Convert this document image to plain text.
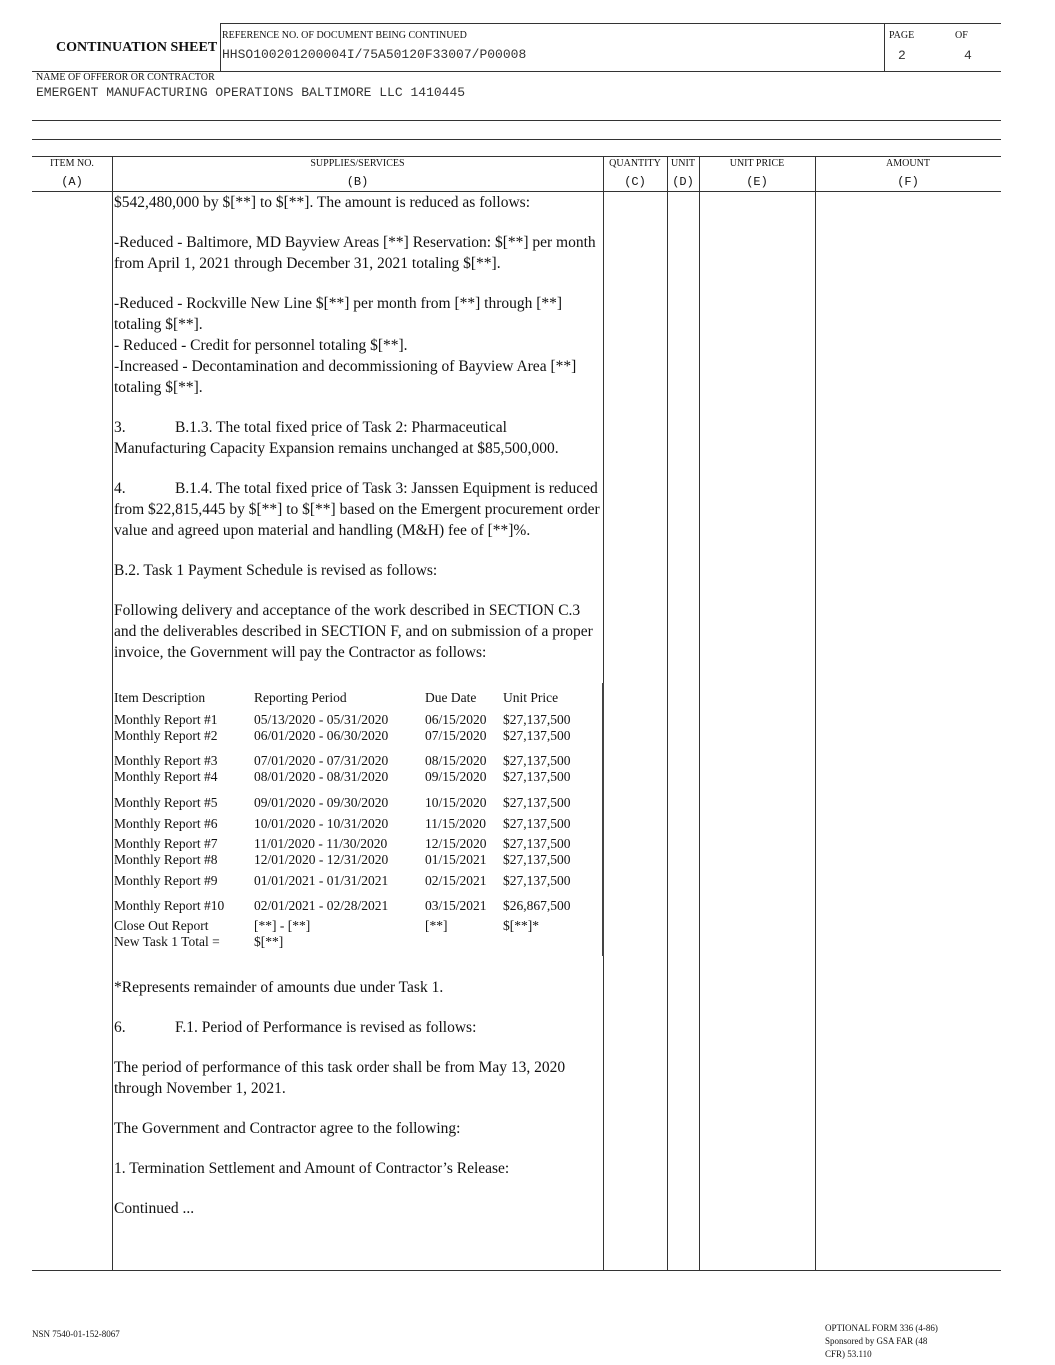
CONTINUATION SHEET
REFERENCE NO. OF DOCUMENT BEING CONTINUED
HHSO100201200004I/75A50120F33007/P00008
PAGE	OF
2	4
NAME OF OFFEROR OR CONTRACTOR
EMERGENT MANUFACTURING OPERATIONS BALTIMORE LLC 1410445
ITEM NO.
(A)
SUPPLIES/SERVICES
(B)
QUANTITY
(C)
UNIT
(D)
UNIT PRICE
(E)
AMOUNT
(F)
$542,480,000 by $[**] to $[**]. The amount is reduced as follows:
-Reduced - Baltimore, MD Bayview Areas [**] Reservation: $[**] per month from April 1, 2021 through December 31, 2021 totaling $[**].
-Reduced - Rockville New Line $[**] per month from [**] through [**] totaling $[**].
- Reduced - Credit for personnel totaling $[**].
-Increased - Decontamination and decommissioning of Bayview Area [**] totaling $[**].
3.	B.1.3. The total fixed price of Task 2: Pharmaceutical Manufacturing Capacity Expansion remains unchanged at $85,500,000.
4.	B.1.4. The total fixed price of Task 3: Janssen Equipment is reduced from $22,815,445 by $[**] to $[**] based on the Emergent procurement order value and agreed upon material and handling (M&H) fee of [**]%.
B.2. Task 1 Payment Schedule is revised as follows:
Following delivery and acceptance of the work described in SECTION C.3 and the deliverables described in SECTION F, and on submission of a proper invoice, the Government will pay the Contractor as follows:
Item Description	Reporting Period	Due Date Unit Price
Monthly Report #1	05/13/2020 - 05/31/2020	06/15/2020 $27,137,500
Monthly Report #2	06/01/2020 - 06/30/2020	07/15/2020 $27,137,500
Monthly Report #3	07/01/2020 - 07/31/2020	08/15/2020 $27,137,500
Monthly Report #4	08/01/2020 - 08/31/2020	09/15/2020 $27,137,500
Monthly Report #5	09/01/2020 - 09/30/2020	10/15/2020 $27,137,500
Monthly Report #6	10/01/2020 - 10/31/2020	11/15/2020 $27,137,500
Monthly Report #7	11/01/2020 - 11/30/2020	12/15/2020 $27,137,500
Monthly Report #8	12/01/2020 - 12/31/2020	01/15/2021 $27,137,500
Monthly Report #9	01/01/2021 - 01/31/2021	02/15/2021 $27,137,500
Monthly Report #10 02/01/2021 - 02/28/2021	03/15/2021 $26,867,500
Close Out Report	[**] - [**]	[**]	$[**]*
New Task 1 Total =	$[**]
*Represents remainder of amounts due under Task 1.
6.	F.1. Period of Performance is revised as follows:
The period of performance of this task order shall be from May 13, 2020 through November 1, 2021.
The Government and Contractor agree to the following:
1. Termination Settlement and Amount of Contractor’s Release:
Continued ...
NSN 7540-01-152-8067
OPTIONAL FORM 336 (4-86)
Sponsored by GSA FAR (48
CFR) 53.110
